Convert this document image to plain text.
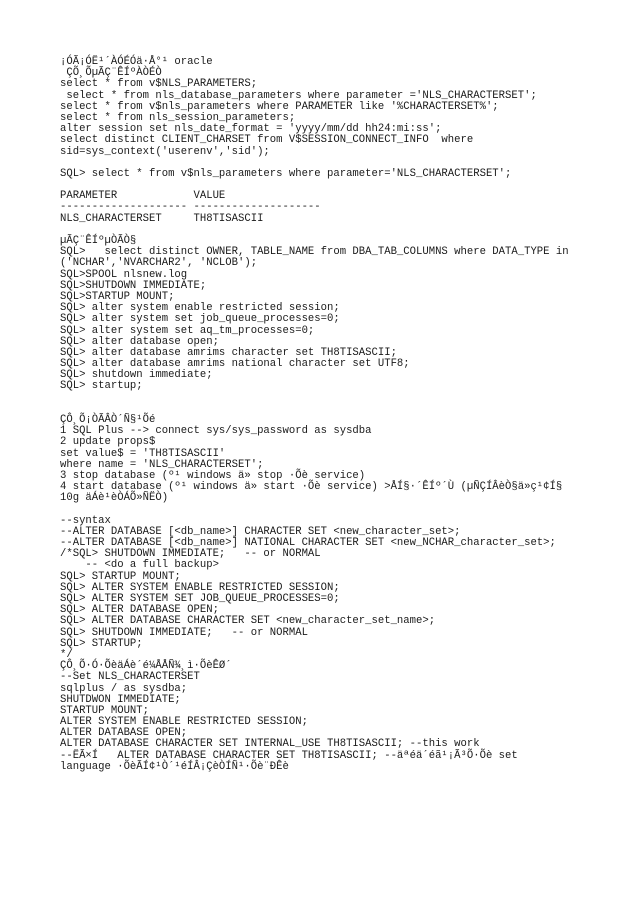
¡ÓÃ¡ÓË¹´ÀÓÉÓä·Å°¹ oracle
ÇÕ¸ÕµÃÇ¨ÊÍºÀÒÉÒ
select * from v$NLS_PARAMETERS;
select * from nls_database_parameters where parameter ='NLS_CHARACTERSET';
select * from v$nls_parameters where PARAMETER like '%CHARACTERSET%';
select * from nls_session_parameters;
alter session set nls_date_format = 'yyyy/mm/dd hh24:mi:ss';
select distinct CLIENT_CHARSET from V$SESSION_CONNECT_INFO  where
sid=sys_context('userenv','sid');
SQL> select * from v$nls_parameters where parameter='NLS_CHARACTERSET';
PARAMETER            VALUE
-------------------- --------------------
NLS_CHARACTERSET     TH8TISASCII
µÃÇ¨ÊÍºµÒÃÒ§
SQL>   select distinct OWNER, TABLE_NAME from DBA_TAB_COLUMNS where DATA_TYPE in
('NCHAR','NVARCHAR2', 'NCLOB');
SQL>SPOOL nlsnew.log
SQL>SHUTDOWN IMMEDIATE;
SQL>STARTUP MOUNT;
SQL> alter system enable restricted session;
SQL> alter system set job_queue_processes=0;
SQL> alter system set aq_tm_processes=0;
SQL> alter database open;
SQL> alter database amrims character set TH8TISASCII;
SQL> alter database amrims national character set UTF8;
SQL> shutdown immediate;
SQL> startup;
ÇÔ¸Õ¡ÒÃÂÒ´Ñ§¹Õé
1 SQL Plus --> connect sys/sys_password as sysdba
2 update props$
set value$ = 'TH8TISASCII'
where name = 'NLS_CHARACTERSET';
3 stop database (º¹ windows ä» stop ·Õè service)
4 start database (º¹ windows ä» start ·Õè service) >ÅÍ§·´ÊÍº´Ù (µÑÇÍÂèÒ§ä»ç¹¢Í§
10g äÁè¹èÒÁÕ»ÑËÒ)
--syntax
--ALTER DATABASE [<db_name>] CHARACTER SET <new_character_set>;
--ALTER DATABASE [<db_name>] NATIONAL CHARACTER SET <new_NCHAR_character_set>;
/*SQL> SHUTDOWN IMMEDIATE;   -- or NORMAL
-- <do a full backup>
SQL> STARTUP MOUNT;
SQL> ALTER SYSTEM ENABLE RESTRICTED SESSION;
SQL> ALTER SYSTEM SET JOB_QUEUE_PROCESSES=0;
SQL> ALTER DATABASE OPEN;
SQL> ALTER DATABASE CHARACTER SET <new_character_set_name>;
SQL> SHUTDOWN IMMEDIATE;   -- or NORMAL
SQL> STARTUP;
*/
ÇÔ¸Õ·Ó·ÕèäÁè´é¼ÅÅÑ¾¸ì·ÕèÊØ´
--Set NLS_CHARACTERSET
sqlplus / as sysdba;
SHUTDWON IMMEDIATE;
STARTUP MOUNT;
ALTER SYSTEM ENABLE RESTRICTED SESSION;
ALTER DATABASE OPEN;
ALTER DATABASE CHARACTER SET INTERNAL_USE TH8TISASCII; --this work
--ËÃ×Í   ALTER DATABASE CHARACTER SET TH8TISASCII; --äªéä´éã¹¡Ã³Õ·Õè set
language ·ÕèÃÍ¢¹Ò´¹éÍÂ¡ÇèÒÍÑ¹·Õè¨ÐÊè
